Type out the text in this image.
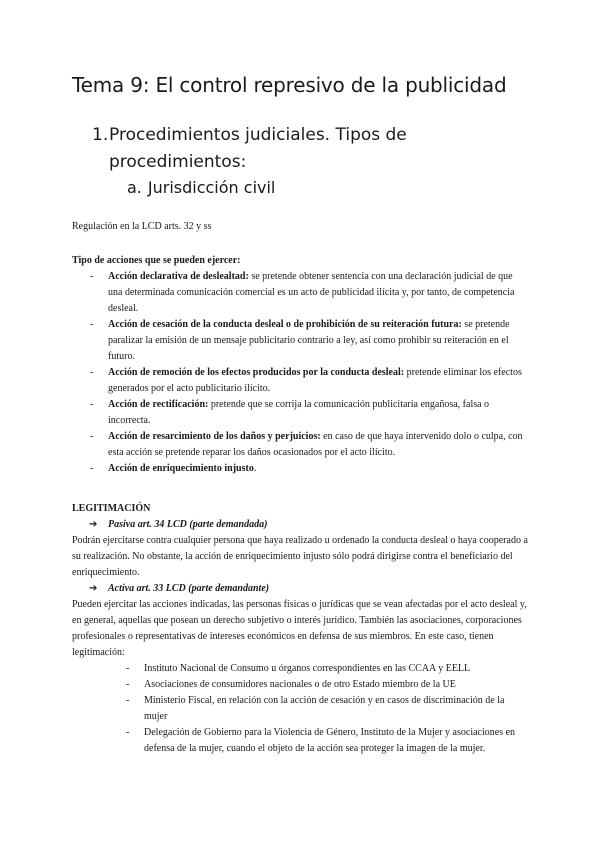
Tema 9: El control represivo de la publicidad
1. Procedimientos judiciales. Tipos de procedimientos:
a. Jurisdicción civil
Regulación en la LCD arts. 32 y ss
Tipo de acciones que se pueden ejercer:
- Acción declarativa de deslealtad: se pretende obtener sentencia con una declaración judicial de que una determinada comunicación comercial es un acto de publicidad ilícita y, por tanto, de competencia desleal.
- Acción de cesación de la conducta desleal o de prohibición de su reiteración futura: se pretende paralizar la emisión de un mensaje publicitario contrario a ley, así como prohibir su reiteración en el futuro.
- Acción de remoción de los efectos producidos por la conducta desleal: pretende eliminar los efectos generados por el acto publicitario ilícito.
- Acción de rectificación: pretende que se corrija la comunicación publicitaria engañosa, falsa o incorrecta.
- Acción de resarcimiento de los daños y perjuicios: en caso de que haya intervenido dolo o culpa, con esta acción se pretende reparar los daños ocasionados por el acto ilícito.
- Acción de enriquecimiento injusto.
LEGITIMACIÓN
➔ Pasiva art. 34 LCD (parte demandada)
Podrán ejercitarse contra cualquier persona que haya realizado u ordenado la conducta desleal o haya cooperado a su realización. No obstante, la acción de enriquecimiento injusto sólo podrá dirigirse contra el beneficiario del enriquecimiento.
➔ Activa art. 33 LCD (parte demandante)
Pueden ejercitar las acciones indicadas, las personas físicas o jurídicas que se vean afectadas por el acto desleal y, en general, aquellas que posean un derecho subjetivo o interés jurídico. También las asociaciones, corporaciones profesionales o representativas de intereses económicos en defensa de sus miembros. En este caso, tienen legitimación:
- Instituto Nacional de Consumo u órganos correspondientes en las CCAA y EELL
- Asociaciones de consumidores nacionales o de otro Estado miembro de la UE
- Ministerio Fiscal, en relación con la acción de cesación y en casos de discriminación de la mujer
- Delegación de Gobierno para la Violencia de Género, Instituto de la Mujer y asociaciones en defensa de la mujer, cuando el objeto de la acción sea proteger la imagen de la mujer.
